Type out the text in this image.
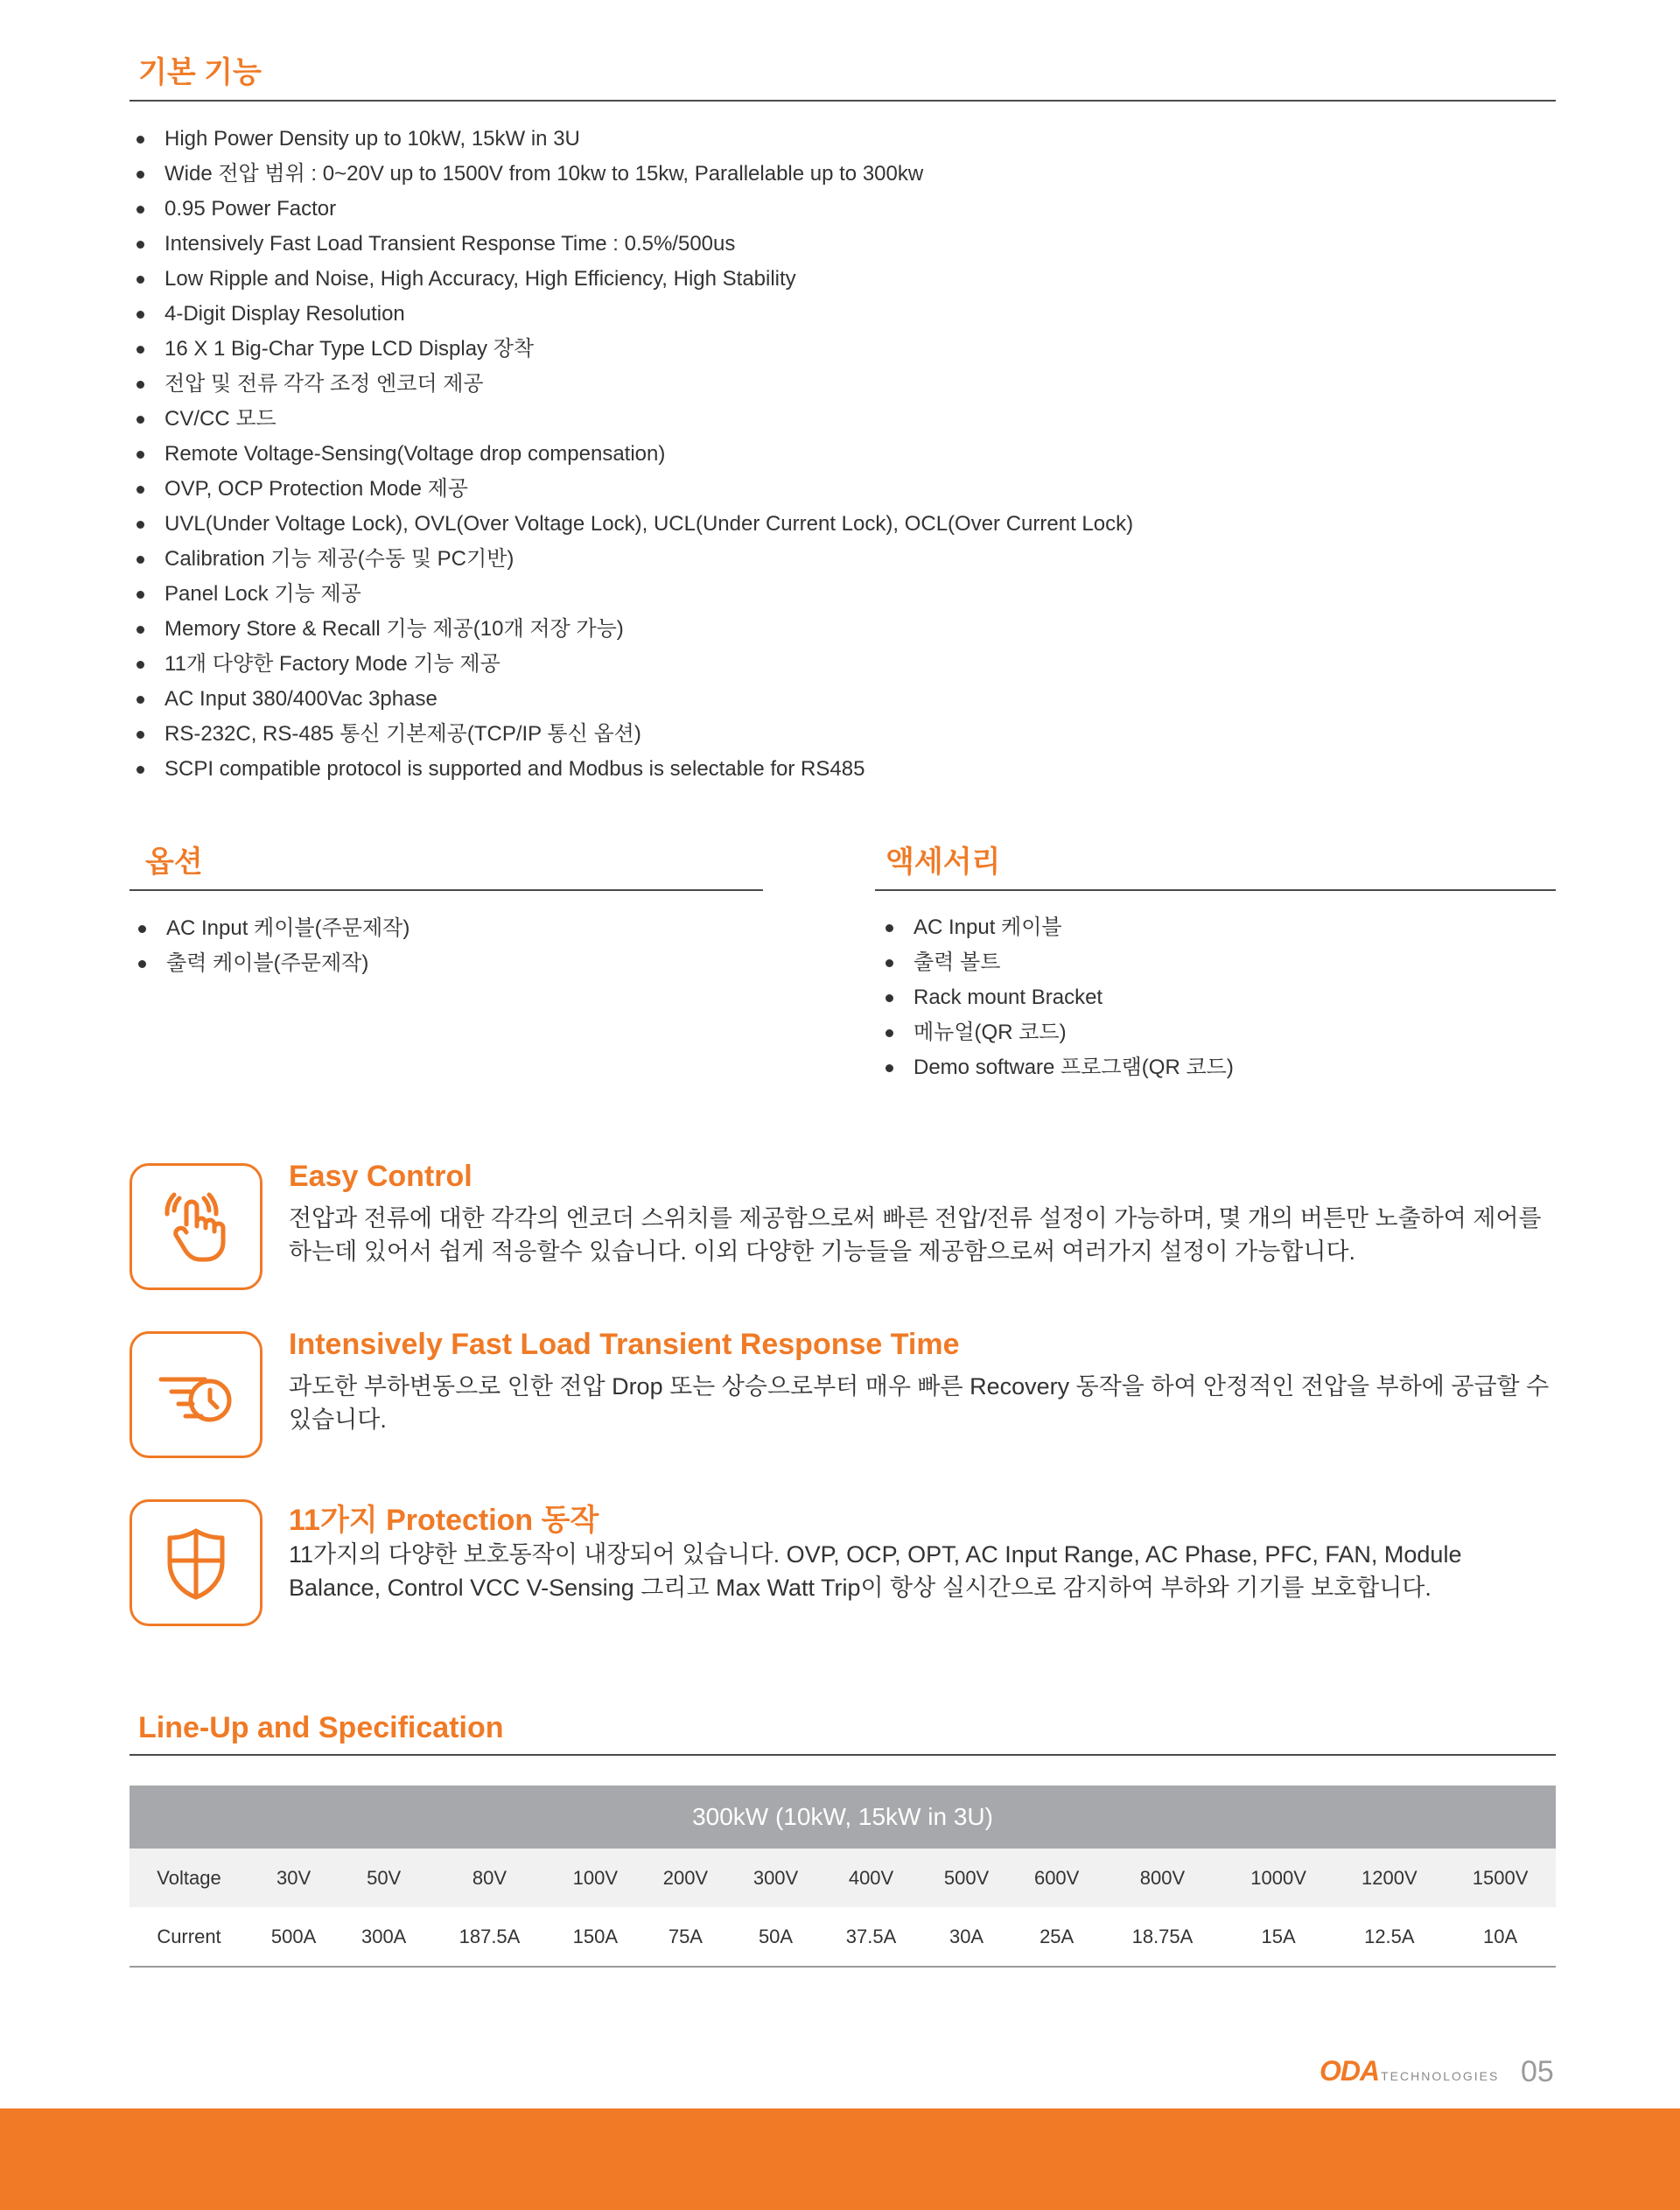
기본 기능
High Power Density up to 10kW, 15kW in 3U
Wide 전압 범위 : 0~20V up to 1500V from 10kw to 15kw, Parallelable up to 300kw
0.95 Power Factor
Intensively Fast Load Transient Response Time : 0.5%/500us
Low Ripple and Noise, High Accuracy, High Efficiency, High Stability
4-Digit Display Resolution
16 X 1 Big-Char Type LCD Display 장착
전압 및 전류 각각 조정 엔코더 제공
CV/CC 모드
Remote Voltage-Sensing(Voltage drop compensation)
OVP, OCP Protection Mode 제공
UVL(Under Voltage Lock), OVL(Over Voltage Lock), UCL(Under Current Lock), OCL(Over Current Lock)
Calibration 기능 제공(수동 및 PC기반)
Panel Lock 기능 제공
Memory Store & Recall 기능 제공(10개 저장 가능)
11개 다양한 Factory Mode 기능 제공
AC Input 380/400Vac 3phase
RS-232C, RS-485 통신 기본제공(TCP/IP 통신 옵션)
SCPI compatible protocol is supported and Modbus is selectable for RS485
옵션
AC Input 케이블(주문제작)
출력 케이블(주문제작)
액세서리
AC Input 케이블
출력 볼트
Rack mount Bracket
메뉴얼(QR 코드)
Demo software 프로그램(QR 코드)
Easy Control
전압과 전류에 대한 각각의 엔코더 스위치를 제공함으로써 빠른 전압/전류 설정이 가능하며, 몇 개의 버튼만 노출하여 제어를 하는데 있어서 쉽게 적응할수 있습니다. 이외 다양한 기능들을 제공함으로써 여러가지 설정이 가능합니다.
Intensively Fast Load Transient Response Time
과도한 부하변동으로 인한 전압 Drop 또는 상승으로부터 매우 빠른 Recovery 동작을 하여 안정적인 전압을 부하에 공급할 수 있습니다.
11가지 Protection 동작
11가지의 다양한 보호동작이 내장되어 있습니다. OVP, OCP, OPT, AC Input Range, AC Phase, PFC, FAN, Module Balance, Control VCC V-Sensing 그리고 Max Watt Trip이 항상 실시간으로 감지하여 부하와 기기를 보호합니다.
Line-Up and Specification
300kW (10kW, 15kW in 3U)													
Voltage	30V	50V	80V	100V	200V	300V	400V	500V	600V	800V	1000V	1200V	1500V
Current	500A	300A	187.5A	150A	75A	50A	37.5A	30A	25A	18.75A	15A	12.5A	10A
ODA TECHNOLOGIES 05
